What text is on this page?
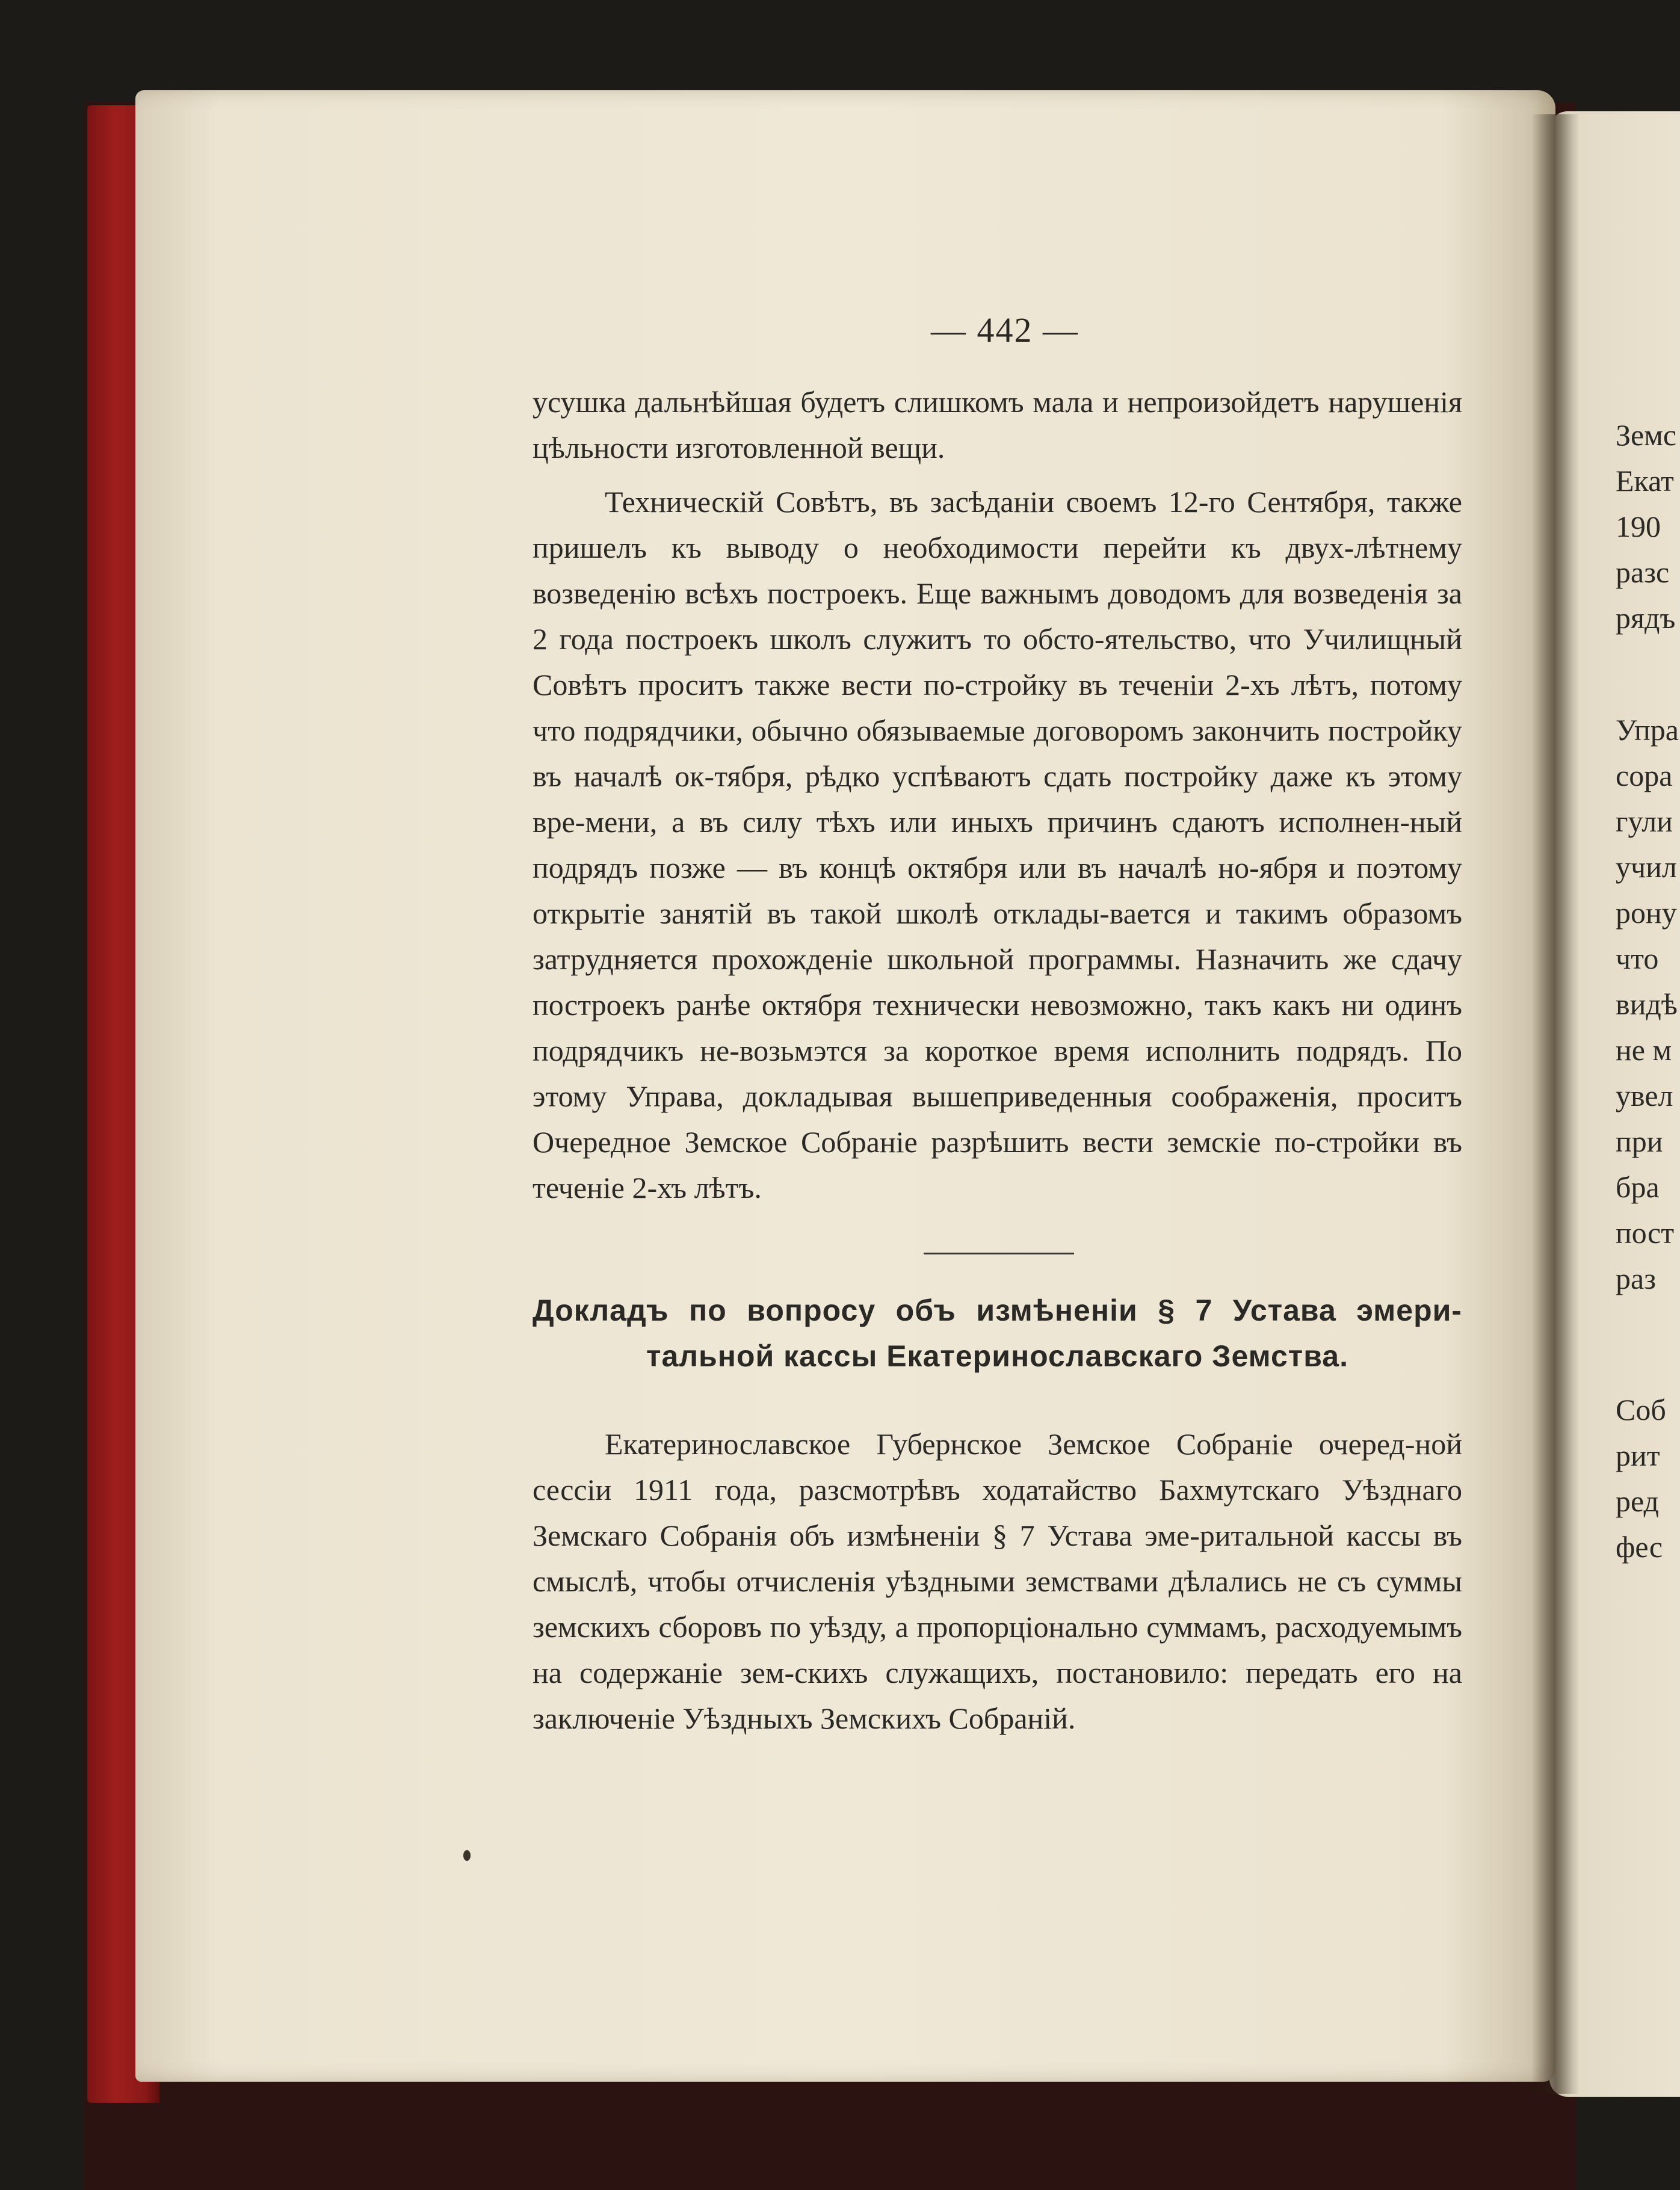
Земс
Екат
190
разс
рядъ
Упра
сора
гули
учил
рону
что
видѣ
не м
увел
при
бра
пост
раз
Соб
рит
ред
фес
— 442 —

усушка дальнѣйшая будетъ слишкомъ мала и непроизойдетъ нарушенія цѣльности изготовленной вещи.

Техническій Совѣтъ, въ засѣданіи своемъ 12-го Сентября, также пришелъ къ выводу о необходимости перейти къ двух-лѣтнему возведенію всѣхъ построекъ. Еще важнымъ доводомъ для возведенія за 2 года построекъ школъ служитъ то обсто-ятельство, что Училищный Совѣтъ проситъ также вести по-стройку въ теченіи 2-хъ лѣтъ, потому что подрядчики, обычно обязываемые договоромъ закончить постройку въ началѣ ок-тября, рѣдко успѣваютъ сдать постройку даже къ этому вре-мени, а въ силу тѣхъ или иныхъ причинъ сдаютъ исполнен-ный подрядъ позже — въ концѣ октября или въ началѣ но-ября и поэтому открытіе занятій въ такой школѣ отклады-вается и такимъ образомъ затрудняется прохожденіе школьной программы. Назначить же сдачу построекъ ранѣе октября технически невозможно, такъ какъ ни одинъ подрядчикъ не-возьмэтся за короткое время исполнить подрядъ. По этому Управа, докладывая вышеприведенныя соображенія, проситъ Очередное Земское Собраніе разрѣшить вести земскіе по-стройки въ теченіе 2-хъ лѣтъ.

Докладъ по вопросу объ измѣненіи § 7 Устава эмери-
тальной кассы Екатеринославскаго Земства.

Екатеринославское Губернское Земское Собраніе очеред-ной сессіи 1911 года, разсмотрѣвъ ходатайство Бахмутскаго Уѣзднаго Земскаго Собранія объ измѣненіи § 7 Устава эме-ритальной кассы въ смыслѣ, чтобы отчисленія уѣздными земствами дѣлались не съ суммы земскихъ сборовъ по уѣзду, а пропорціонально суммамъ, расходуемымъ на содержаніе зем-скихъ служащихъ, постановило: передать его на заключеніе Уѣздныхъ Земскихъ Собраній.
